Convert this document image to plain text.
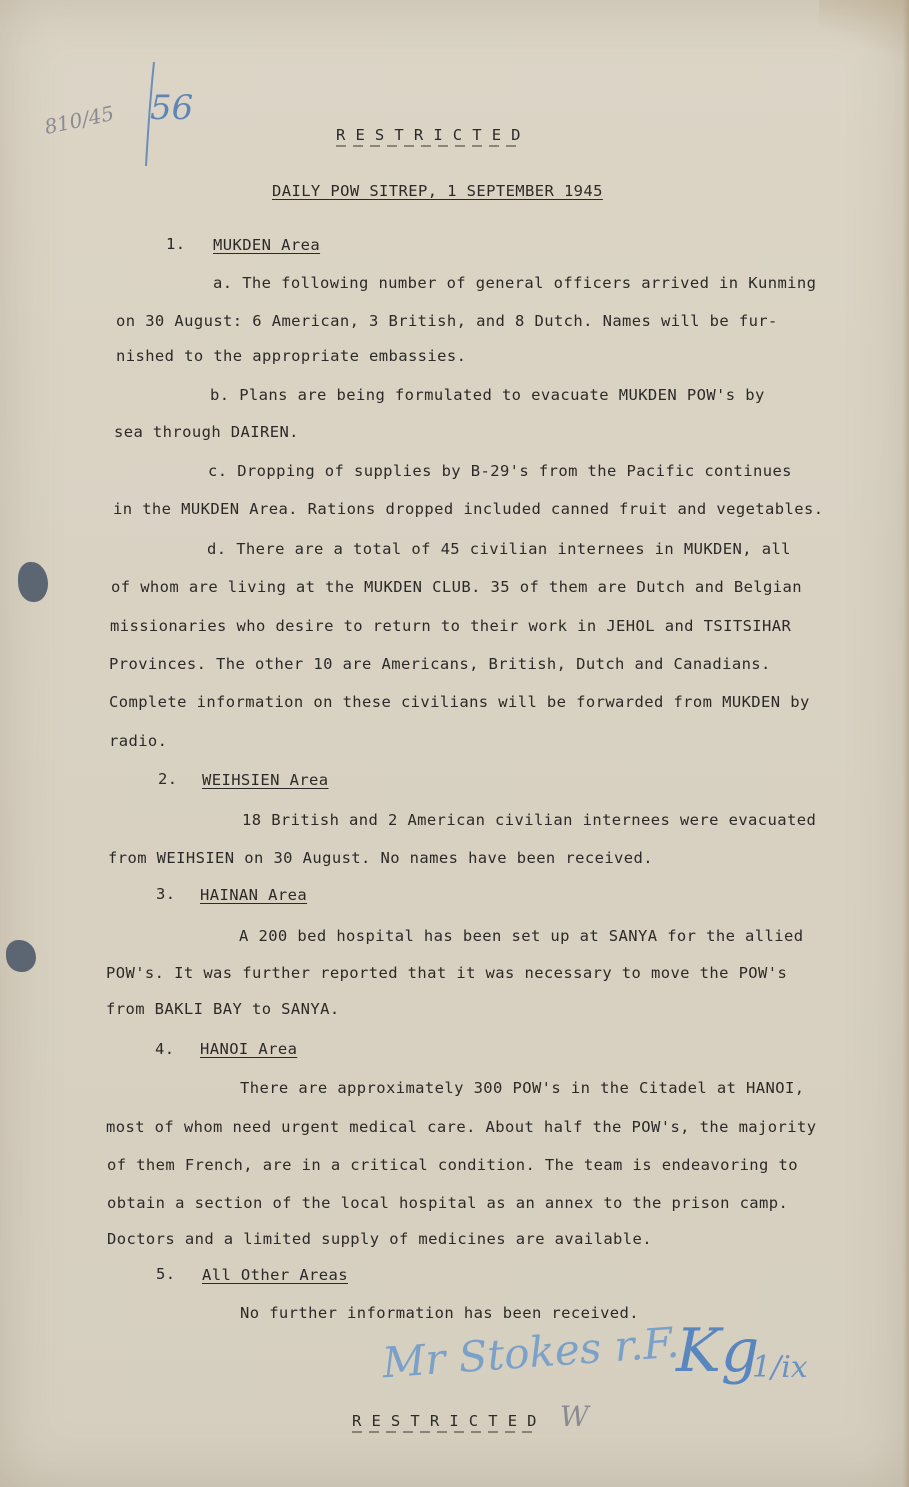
810/45 56
R E S T R I C T E D
DAILY POW SITREP, 1 SEPTEMBER 1945
1. MUKDEN Area
a. The following number of general officers arrived in Kunming
on 30 August: 6 American, 3 British, and 8 Dutch. Names will be fur-
nished to the appropriate embassies.
b. Plans are being formulated to evacuate MUKDEN POW's by
sea through DAIREN.
c. Dropping of supplies by B-29's from the Pacific continues
in the MUKDEN Area. Rations dropped included canned fruit and vegetables.
d. There are a total of 45 civilian internees in MUKDEN, all
of whom are living at the MUKDEN CLUB. 35 of them are Dutch and Belgian
missionaries who desire to return to their work in JEHOL and TSITSIHAR
Provinces. The other 10 are Americans, British, Dutch and Canadians.
Complete information on these civilians will be forwarded from MUKDEN by
radio.
2. WEIHSIEN Area
18 British and 2 American civilian internees were evacuated
from WEIHSIEN on 30 August. No names have been received.
3. HAINAN Area
A 200 bed hospital has been set up at SANYA for the allied
POW's. It was further reported that it was necessary to move the POW's
from BAKLI BAY to SANYA.
4. HANOI Area
There are approximately 300 POW's in the Citadel at HANOI,
most of whom need urgent medical care. About half the POW's, the majority
of them French, are in a critical condition. The team is endeavoring to
obtain a section of the local hospital as an annex to the prison camp.
Doctors and a limited supply of medicines are available.
5. All Other Areas
No further information has been received.
Mr Stokes r.F.
Kg
1/ix
R E S T R I C T E D W
